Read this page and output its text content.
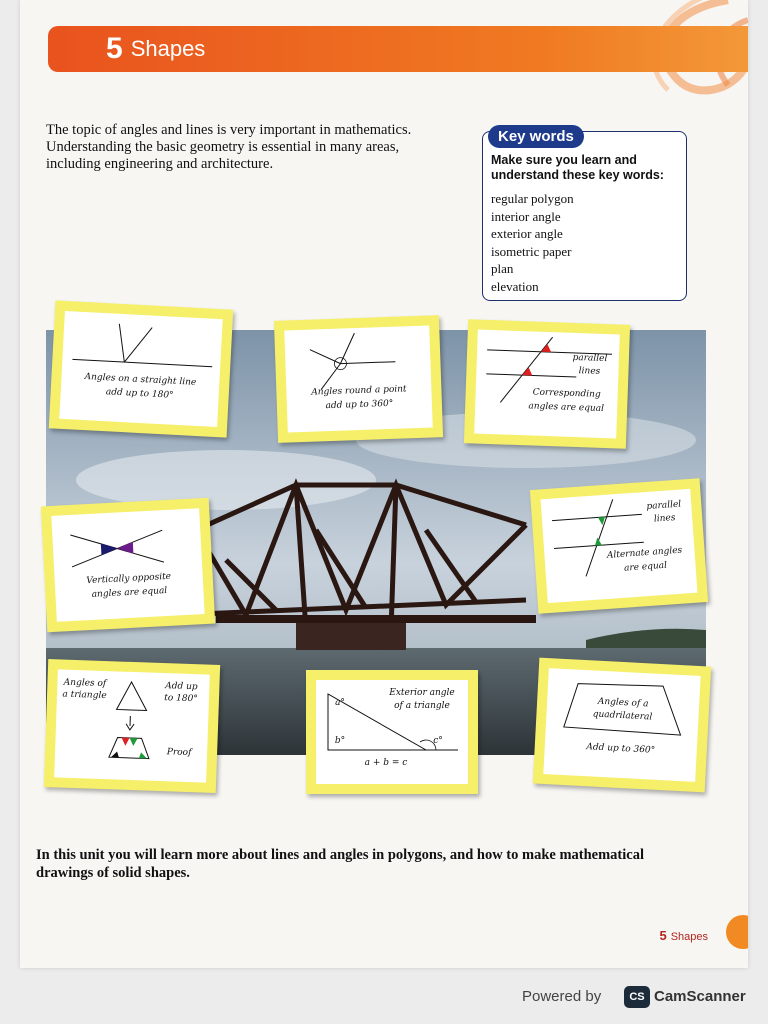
5 Shapes
The topic of angles and lines is very important in mathematics.
Understanding the basic geometry is essential in many areas,
including engineering and architecture.	Make sure you learn and understand these key words:
regular polygon
interior angle
exterior angle
isometric paper
plan
elevation
Key words
Angles on a straight line
add up to 180°	Angles round a point
add up to 360°
parallel
lines
Corresponding
angles are equal
Vertically opposite
angles are equal
parallel
lines
Alternate angles
are equal
Angles of
a triangle
Add up
to 180°
Proof
Exterior angle
of a triangle
a°
b°	c°
a + b = c
Angles of a
quadrilateral
Add up to 360°
In this unit you will learn more about lines and angles in polygons, and how to make mathematical
drawings of solid shapes.
5 Shapes
Powered by	CS CamScanner
